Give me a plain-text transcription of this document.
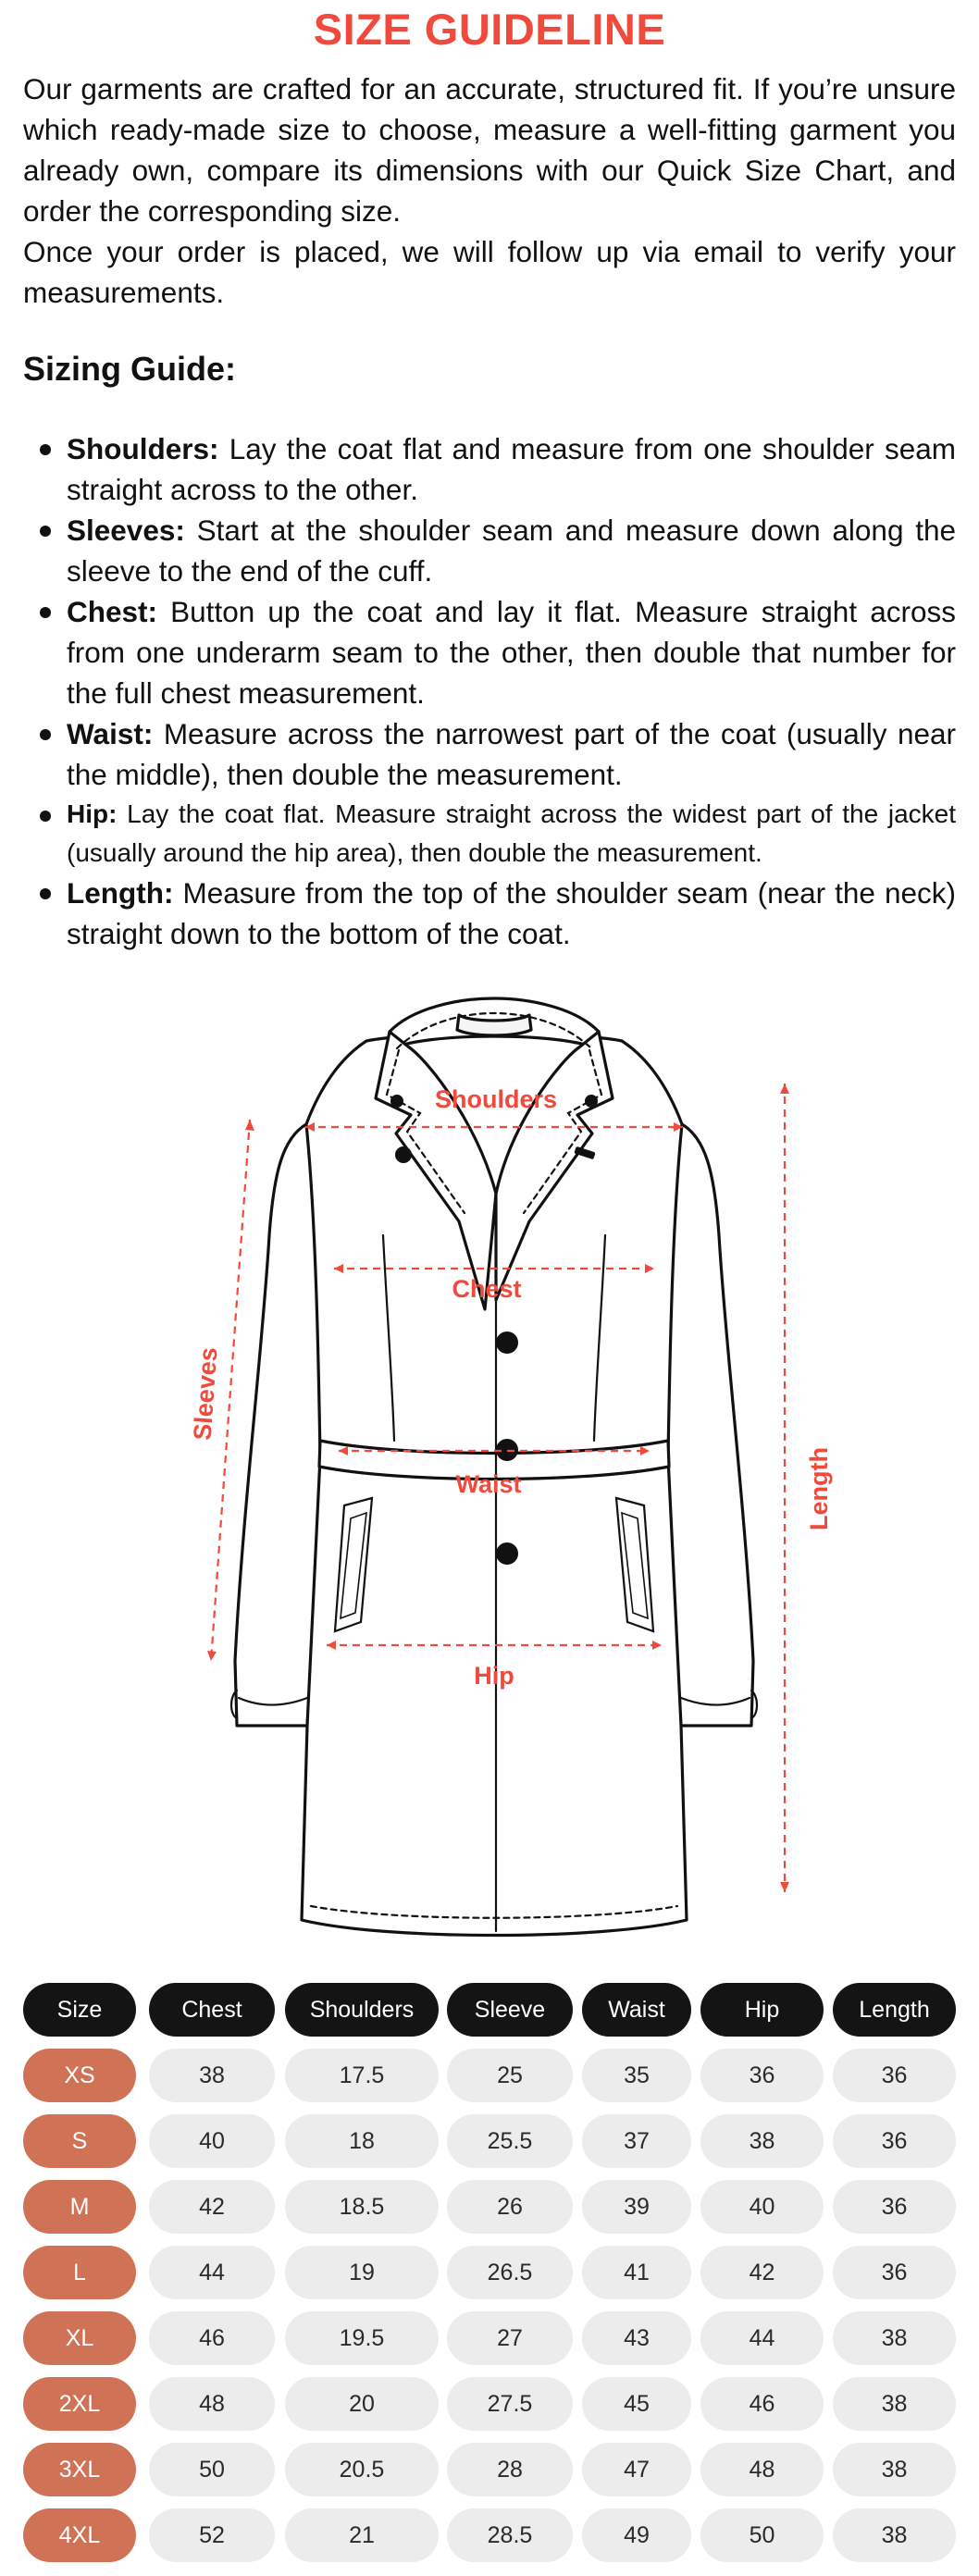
SIZE GUIDELINE
Our garments are crafted for an accurate, structured fit. If you’re unsure which ready-made size to choose, measure a well-fitting garment you already own, compare its dimensions with our Quick Size Chart, and order the corresponding size.
Once your order is placed, we will follow up via email to verify your measurements.
Sizing Guide:
Shoulders: Lay the coat flat and measure from one shoulder seam straight across to the other.
Sleeves: Start at the shoulder seam and measure down along the sleeve to the end of the cuff.
Chest: Button up the coat and lay it flat. Measure straight across from one underarm seam to the other, then double that number for the full chest measurement.
Waist: Measure across the narrowest part of the coat (usually near the middle), then double the measurement.
Hip: Lay the coat flat. Measure straight across the widest part of the jacket (usually around the hip area), then double the measurement.
Length: Measure from the top of the shoulder seam (near the neck) straight down to the bottom of the coat.
Shoulders
Chest
Waist
Hip
Sleeves
Length
Size	Chest	Shoulders	Sleeve	Waist	Hip	Length
XS	38	17.5	25	35	36	36
S	40	18	25.5	37	38	36
M	42	18.5	26	39	40	36
L	44	19	26.5	41	42	36
XL	46	19.5	27	43	44	38
2XL	48	20	27.5	45	46	38
3XL	50	20.5	28	47	48	38
4XL	52	21	28.5	49	50	38
